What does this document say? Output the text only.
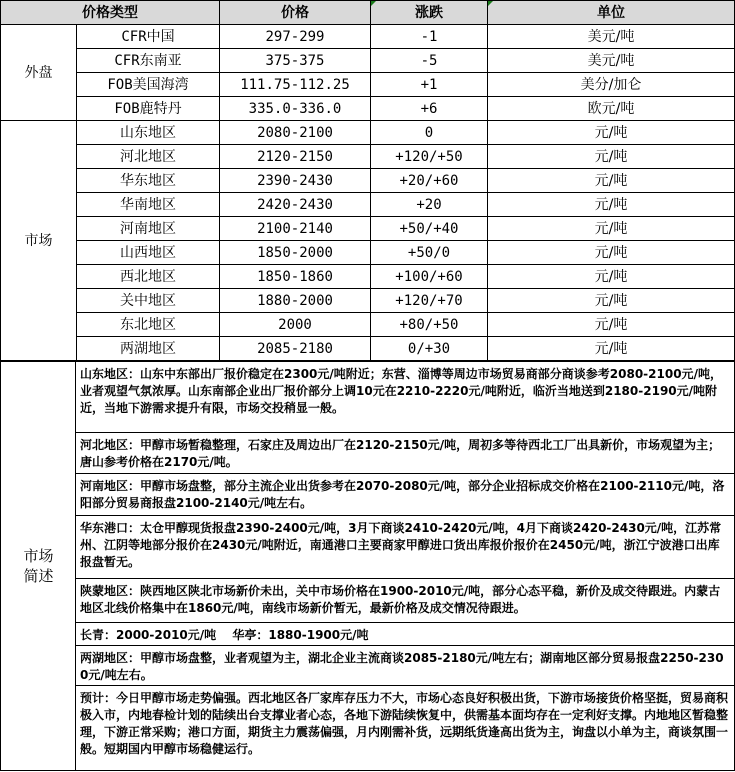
价格类型		价格	涨跌	单位
外盘	CFR中国	297-299	-1	美元/吨
	CFR东南亚	375-375	-5	美元/吨
	FOB美国海湾	111.75-112.25	+1	美分/加仑
	FOB鹿特丹	335.0-336.0	+6	欧元/吨
市场	山东地区	2080-2100	0	元/吨
	河北地区	2120-2150	+120/+50	元/吨
	华东地区	2390-2430	+20/+60	元/吨
	华南地区	2420-2430	+20	元/吨
	河南地区	2100-2140	+50/+40	元/吨
	山西地区	1850-2000	+50/0	元/吨
	西北地区	1850-1860	+100/+60	元/吨
	关中地区	1880-2000	+120/+70	元/吨
	东北地区	2000	+80/+50	元/吨
	两湖地区	2085-2180	0/+30	元/吨
市场简述
山东地区：山东中东部出厂报价稳定在2300元/吨附近；东营、淄博等周边市场贸易商部分商谈参考2080-2100元/吨，业者观望气氛浓厚。山东南部企业出厂报价部分上调10元在2210-2220元/吨附近，临沂当地送到2180-2190元/吨附近，当地下游需求提升有限，市场交投稍显一般。
河北地区：甲醇市场暂稳整理，石家庄及周边出厂在2120-2150元/吨，周初多等待西北工厂出具新价，市场观望为主；唐山参考价格在2170元/吨。
河南地区：甲醇市场盘整，部分主流企业出货参考在2070-2080元/吨，部分企业招标成交价格在2100-2110元/吨，洛阳部分贸易商报盘2100-2140元/吨左右。
华东港口：太仓甲醇现货报盘2390-2400元/吨，3月下商谈2410-2420元/吨，4月下商谈2420-2430元/吨，江苏常州、江阴等地部分报价在2430元/吨附近，南通港口主要商家甲醇进口货出库报价报价在2450元/吨，浙江宁波港口出库报盘暂无。
陕蒙地区：陕西地区陕北市场新价未出，关中市场价格在1900-2010元/吨，部分心态平稳，新价及成交待跟进。内蒙古地区北线价格集中在1860元/吨，南线市场新价暂无，最新价格及成交情况待跟进。
长青：2000-2010元/吨　 华亭：1880-1900元/吨
两湖地区：甲醇市场盘整，业者观望为主，湖北企业主流商谈2085-2180元/吨左右；湖南地区部分贸易报盘2250-2300元/吨左右。
预计：今日甲醇市场走势偏强。西北地区各厂家库存压力不大，市场心态良好积极出货，下游市场接货价格坚挺，贸易商积极入市，内地春检计划的陆续出台支撑业者心态，各地下游陆续恢复中，供需基本面均存在一定利好支撑。内地地区暂稳整理，下游正常采购；港口方面，期货主力震荡偏强，月内刚需补货，远期纸货逢高出货为主，询盘以小单为主，商谈氛围一般。短期国内甲醇市场稳健运行。
